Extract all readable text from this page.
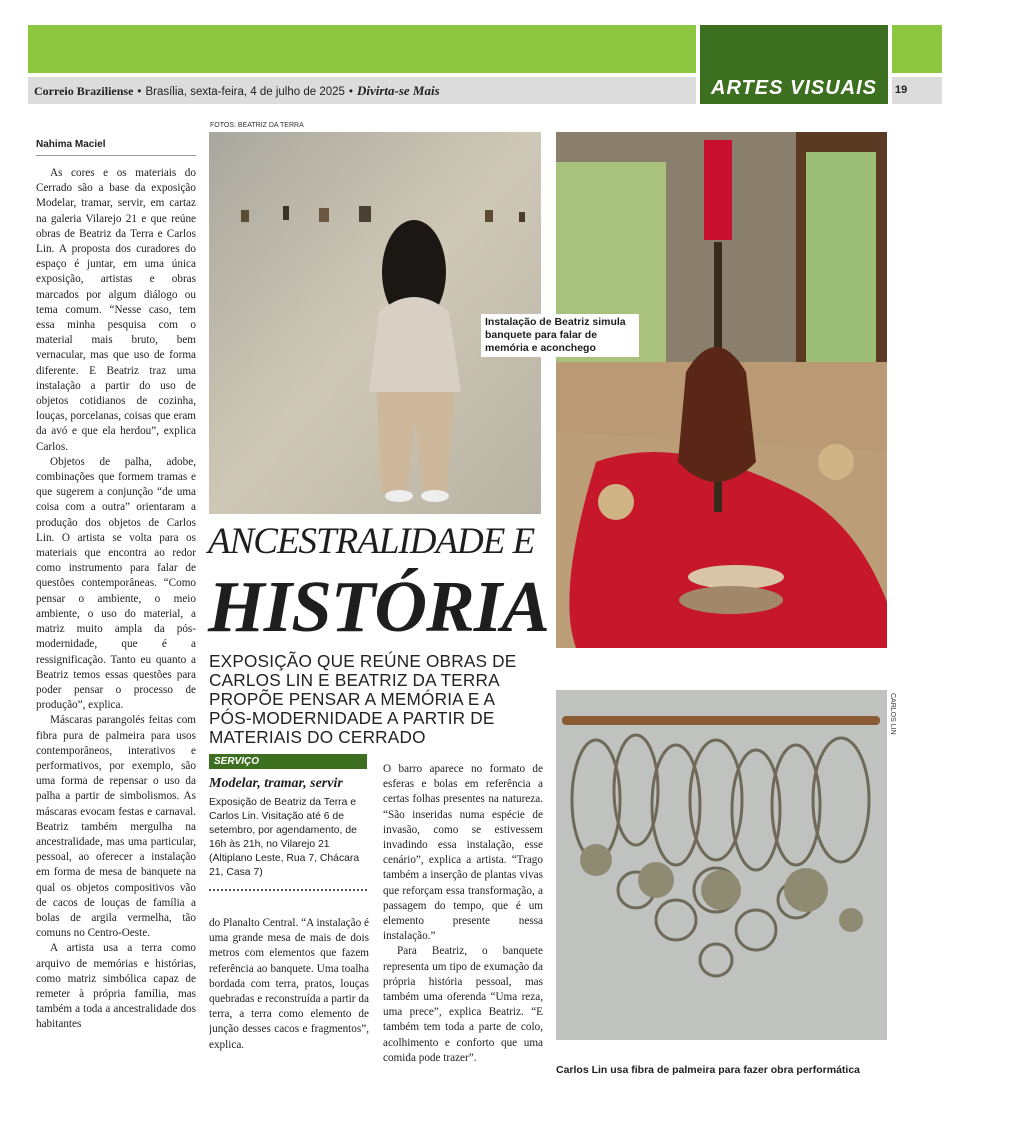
ARTES VISUAIS
Correio Braziliense • Brasília, sexta-feira, 4 de julho de 2025 • Divirta-se Mais	19
Nahima Maciel

As cores e os materiais do Cerrado são a base da exposição Modelar, tramar, servir, em cartaz na galeria Vilarejo 21 e que reúne obras de Beatriz da Terra e Carlos Lin. A proposta dos curadores do espaço é juntar, em uma única exposição, artistas e obras marcados por algum diálogo ou tema comum. “Nesse caso, tem essa minha pesquisa com o material mais bruto, bem vernacular, mas que uso de forma diferente. E Beatriz traz uma instalação a partir do uso de objetos cotidianos de cozinha, louças, porcelanas, coisas que eram da avó e que ela herdou”, explica Carlos.

Objetos de palha, adobe, combinações que formem tramas e que sugerem a conjunção “de uma coisa com a outra” orientaram a produção dos objetos de Carlos Lin. O artista se volta para os materiais que encontra ao redor como instrumento para falar de questões contemporâneas. “Como pensar o ambiente, o meio ambiente, o uso do material, a matriz muito ampla da pós-modernidade, que é a ressignificação. Tanto eu quanto a Beatriz temos essas questões para poder pensar o processo de produção”, explica.

Máscaras parangolés feitas com fibra pura de palmeira para usos contemporâneos, interativos e performativos, por exemplo, são uma forma de repensar o uso da palha a partir de simbolismos. As máscaras evocam festas e carnaval. Beatriz também mergulha na ancestralidade, mas uma particular, pessoal, ao oferecer a instalação em forma de mesa de banquete na qual os objetos compositivos vão de cacos de louças de família a bolas de argila vermelha, tão comuns no Centro-Oeste.

A artista usa a terra como arquivo de memórias e histórias, como matriz simbólica capaz de remeter à própria família, mas também a toda a ancestralidade dos habitantes

FOTOS: BEATRIZ DA TERRA
Instalação de Beatriz simula banquete para falar de memória e aconchego
ANCESTRALIDADE E
HISTÓRIA
EXPOSIÇÃO QUE REÚNE OBRAS DE CARLOS LIN E BEATRIZ DA TERRA PROPÕE PENSAR A MEMÓRIA E A PÓS-MODERNIDADE A PARTIR DE MATERIAIS DO CERRADO
SERVIÇO
Modelar, tramar, servir
Exposição de Beatriz da Terra e Carlos Lin. Visitação até 6 de setembro, por agendamento, de 16h às 21h, no Vilarejo 21 (Altiplano Leste, Rua 7, Chácara 21, Casa 7)

do Planalto Central. “A instalação é uma grande mesa de mais de dois metros com elementos que fazem referência ao banquete. Uma toalha bordada com terra, pratos, louças quebradas e reconstruída a partir da terra, a terra como elemento de junção desses cacos e fragmentos”, explica.

O barro aparece no formato de esferas e bolas em referência a certas folhas presentes na natureza. “São inseridas numa espécie de invasão, como se estivessem invadindo essa instalação, esse cenário”, explica a artista. “Trago também a inserção de plantas vivas que reforçam essa transformação, a passagem do tempo, que é um elemento presente nessa instalação.”

Para Beatriz, o banquete representa um tipo de exumação da própria história pessoal, mas também uma oferenda “Uma reza, uma prece”, explica Beatriz. “E também tem toda a parte de colo, acolhimento e conforto que uma comida pode trazer”.

CARLOS LIN
Carlos Lin usa fibra de palmeira para fazer obra performática
